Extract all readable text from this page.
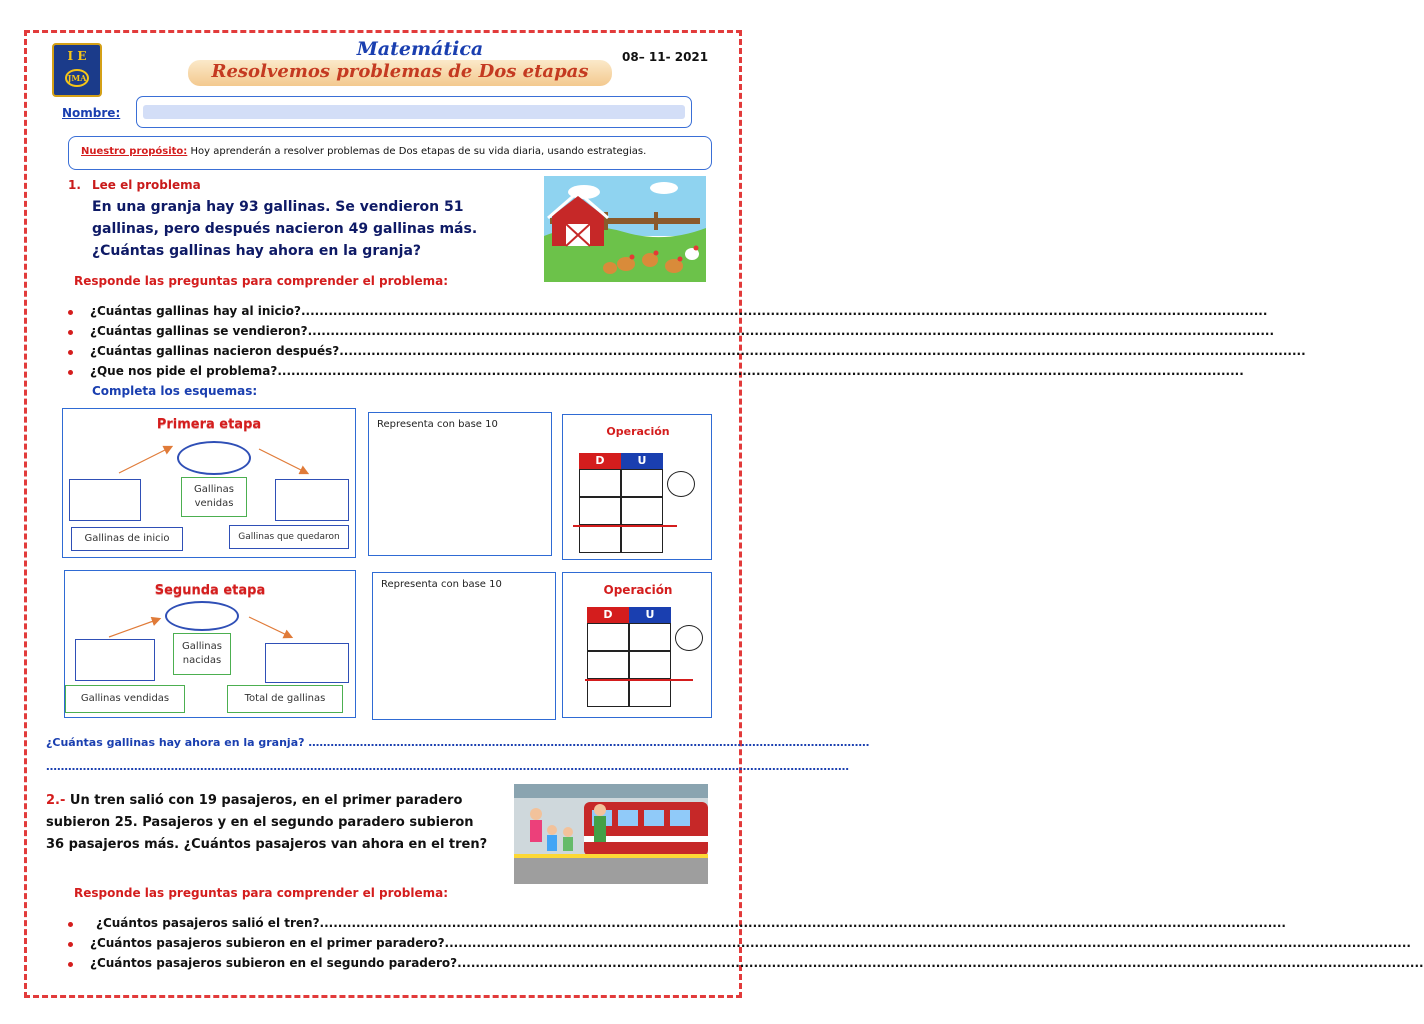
I E
JMA
Matemática
Resolvemos problemas de Dos etapas
08– 11- 2021
Nombre:
Nuestro propósito: Hoy aprenderán a resolver problemas de Dos etapas de su vida diaria, usando estrategias.
1. Lee el problema
En una granja hay 93 gallinas. Se vendieron 51 gallinas, pero después nacieron 49 gallinas más. ¿Cuántas gallinas hay ahora en la granja?
Responde las preguntas para comprender el problema:
¿Cuántas gallinas hay al inicio? .....
¿Cuántas gallinas se vendieron? .....
¿Cuántas gallinas nacieron después? .....
¿Que nos pide el problema? .....
Completa los esquemas:
Primera etapa
Gallinas venidas
Gallinas de inicio	Gallinas que quedaron
Representa con base 10
Operación
D	U
Segunda etapa
Gallinas nacidas
Gallinas vendidas	Total de gallinas
Representa con base 10	Operación
D	U
¿Cuántas gallinas hay ahora en la granja? ………………………………………………………………………………………………………………………………………
…………………………………………………………………………………………………………………………………………………………………………………………………
2.- Un tren salió con 19 pasajeros, en el primer paradero subieron 25. Pasajeros y en el segundo paradero subieron 36 pasajeros más. ¿Cuántos pasajeros van ahora en el tren?
Responde las preguntas para comprender el problema:
¿Cuántos pasajeros salió el tren? .....
¿Cuántos pasajeros subieron en el primer paradero? .....
¿Cuántos pasajeros subieron en el segundo paradero? .....
